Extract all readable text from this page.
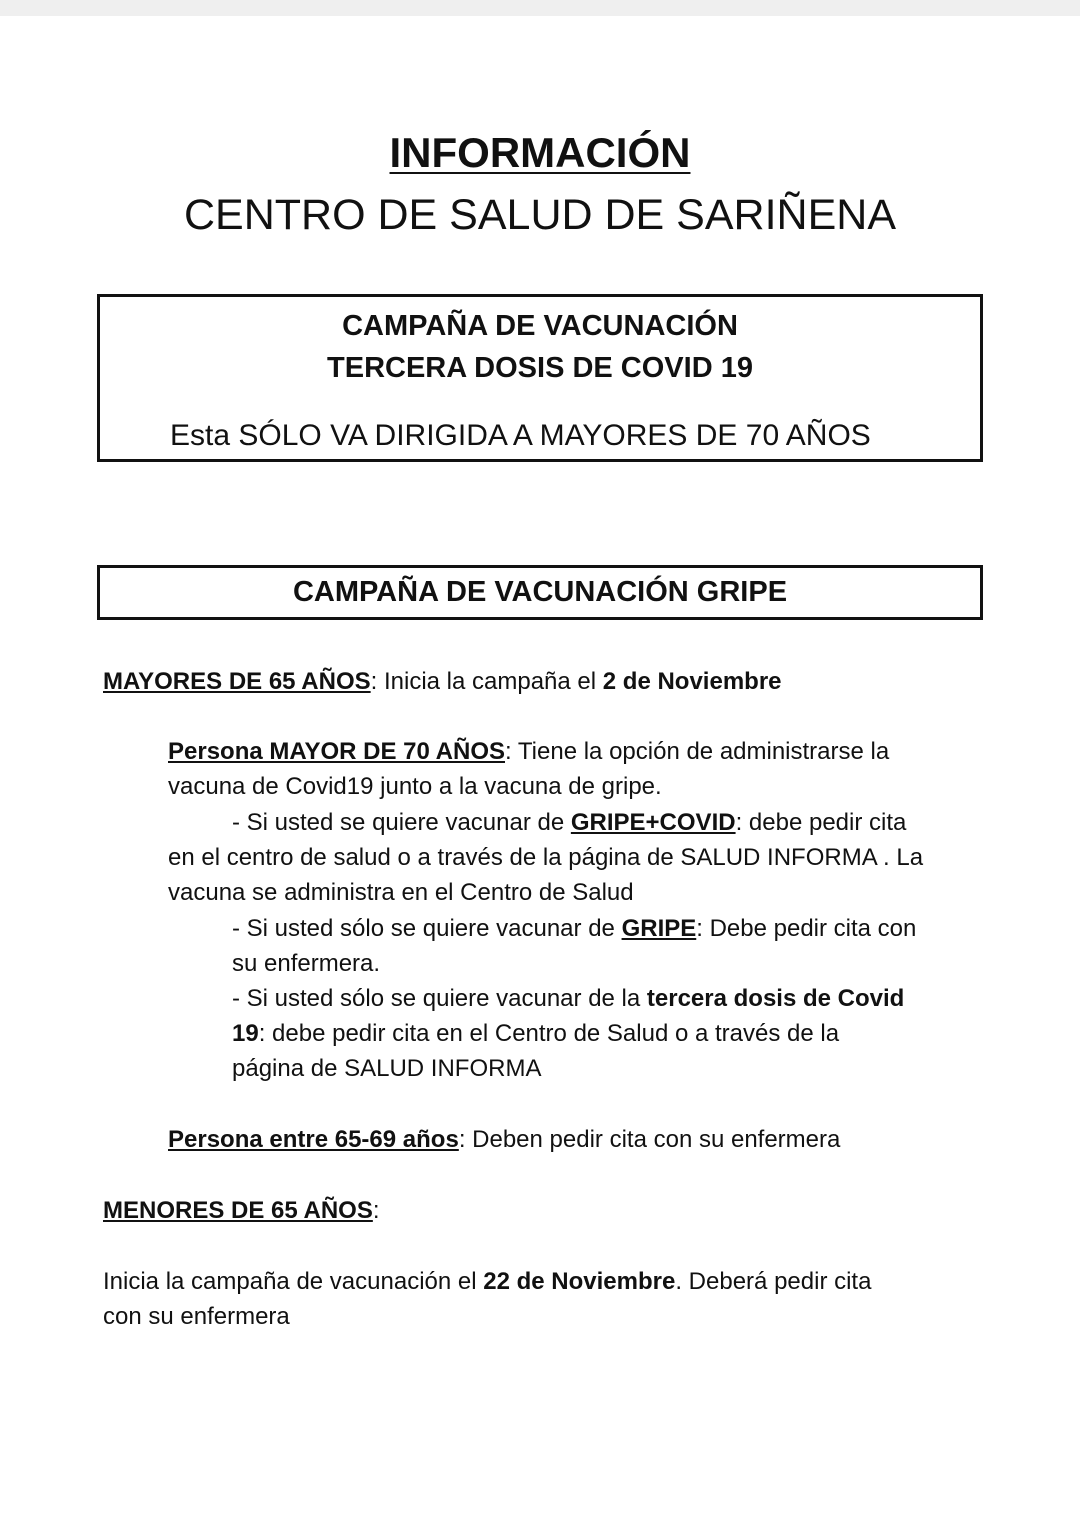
INFORMACIÓN
CENTRO DE SALUD DE SARIÑENA
CAMPAÑA DE VACUNACIÓN
TERCERA DOSIS DE COVID 19
Esta SÓLO VA DIRIGIDA A MAYORES DE 70 AÑOS
CAMPAÑA DE VACUNACIÓN GRIPE
MAYORES DE 65 AÑOS: Inicia la campaña el 2 de Noviembre
Persona MAYOR DE 70 AÑOS: Tiene la opción de administrarse la
vacuna de Covid19 junto a la vacuna de gripe.
- Si usted se quiere vacunar de GRIPE+COVID: debe pedir cita
en el centro de salud o a través de la página de SALUD INFORMA . La
vacuna se administra en el Centro de Salud
- Si usted sólo se quiere vacunar de GRIPE: Debe pedir cita con
su enfermera.
- Si usted sólo se quiere vacunar de la tercera dosis de Covid
19: debe pedir cita en el Centro de Salud o a través de la
página de SALUD INFORMA
Persona entre 65-69 años: Deben pedir cita con su enfermera
MENORES DE 65 AÑOS:
Inicia la campaña de vacunación el 22 de Noviembre. Deberá pedir cita
con su enfermera
